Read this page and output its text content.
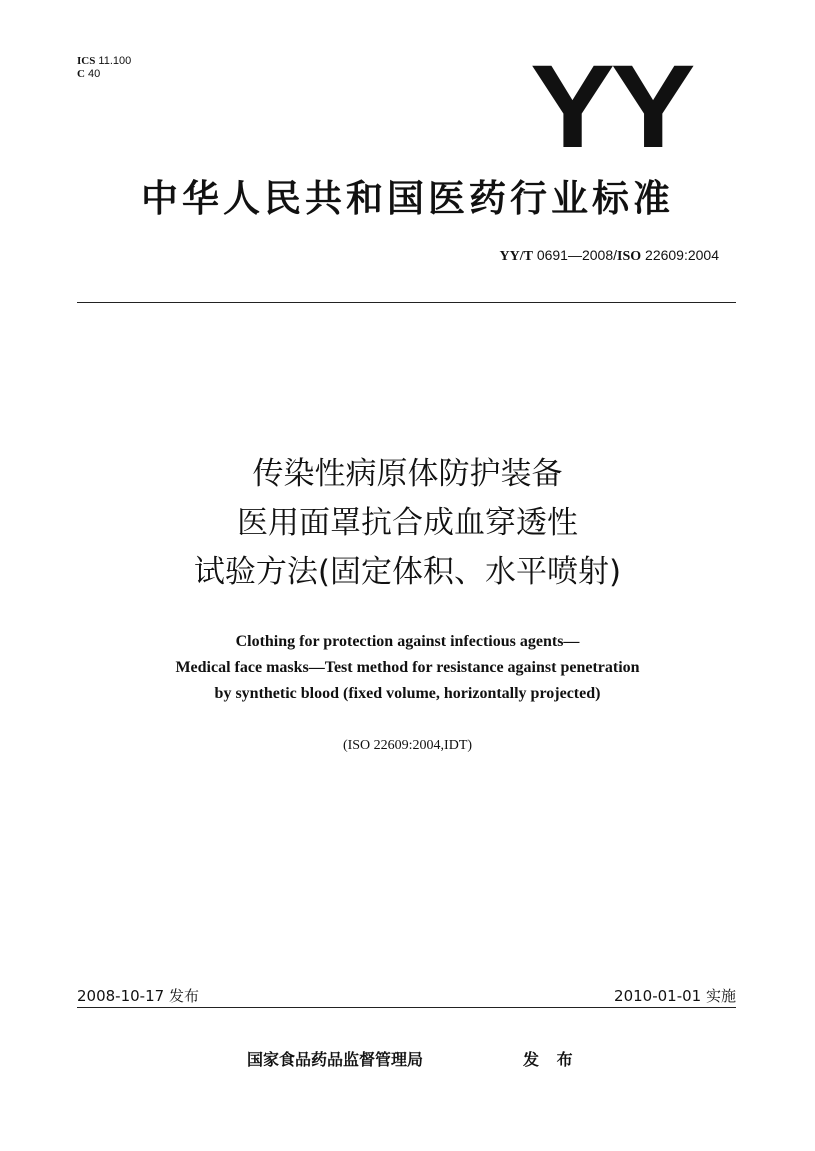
ICS 11.100
C 40	YY
中华人民共和国医药行业标准
YY/T 0691—2008/ISO 22609:2004
传染性病原体防护装备
医用面罩抗合成血穿透性
试验方法(固定体积、水平喷射)
Clothing for protection against infectious agents—
Medical face masks—Test method for resistance against penetration
by synthetic blood (fixed volume, horizontally projected)
(ISO 22609:2004,IDT)
2008-10-17 发布	2010-01-01 实施
国家食品药品监督管理局	发 布
